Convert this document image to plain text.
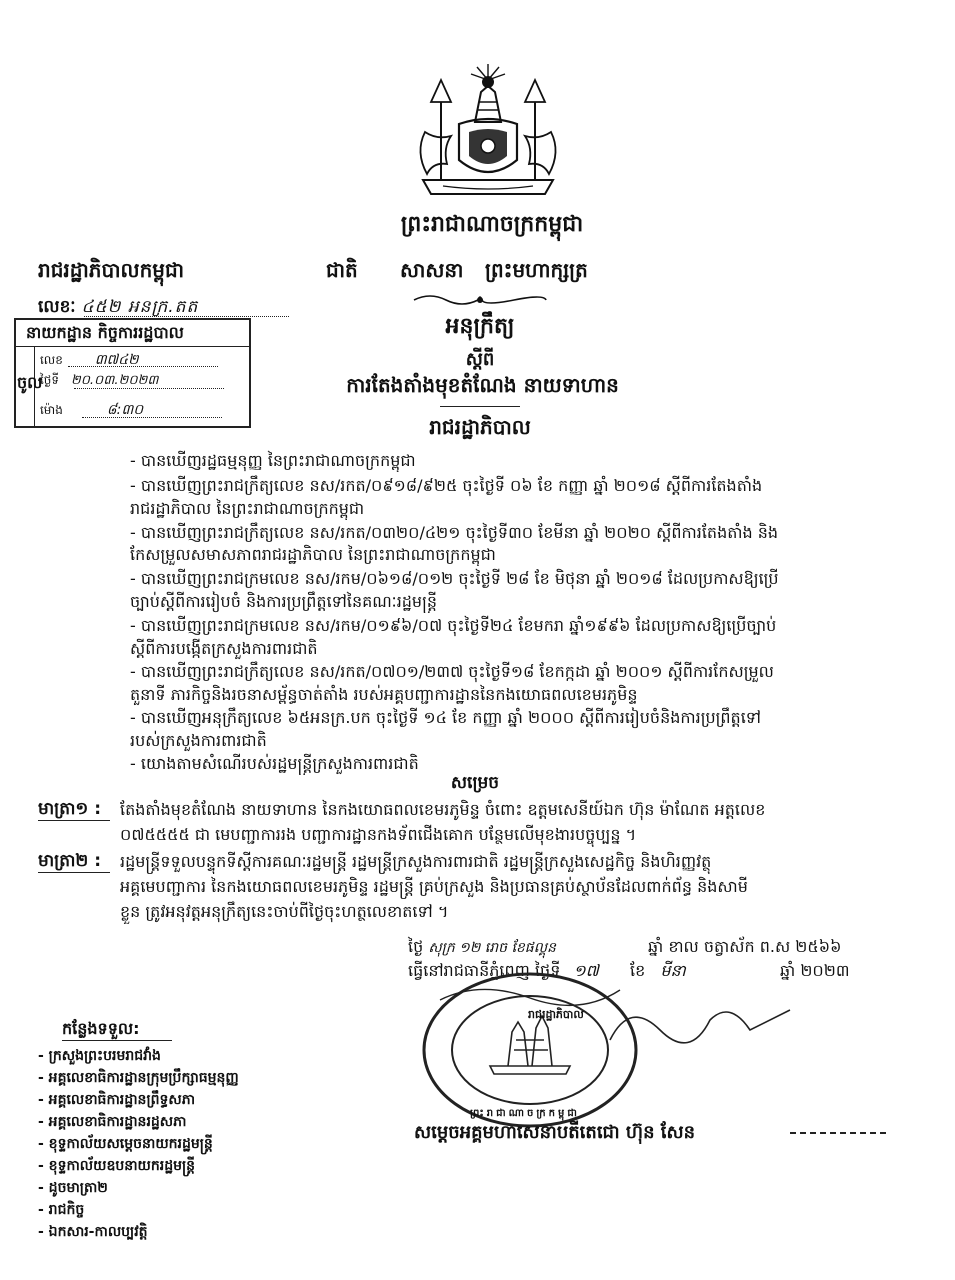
ព្រះរាជាណាចក្រកម្ពុជា
រាជរដ្ឋាភិបាលកម្ពុជា	ជាតិ សាសនា ព្រះមហាក្សត្រ
លេខៈ ៤៥២ អនក្រ.តត
នាយកដ្ឋាន កិច្ចការរដ្ឋបាល
ចូល
លេខ ៣៧៤២
ថ្ងៃទី ២០.០៣.២០២៣
ម៉ោង	៨:៣០
អនុក្រឹត្យ
ស្តីពី
ការតែងតាំងមុខតំណែង នាយទាហាន
រាជរដ្ឋាភិបាល
- បានឃើញរដ្ឋធម្មនុញ្ញ នៃព្រះរាជាណាចក្រកម្ពុជា
- បានឃើញព្រះរាជក្រឹត្យលេខ នស/រកត/០៩១៨/៩២៥ ចុះថ្ងៃទី ០៦ ខែ កញ្ញា ឆ្នាំ ២០១៨ ស្តីពីការតែងតាំង
រាជរដ្ឋាភិបាល នៃព្រះរាជាណាចក្រកម្ពុជា
- បានឃើញព្រះរាជក្រឹត្យលេខ នស/រកត/០៣២០/៤២១ ចុះថ្ងៃទី៣០ ខែមីនា ឆ្នាំ ២០២០ ស្តីពីការតែងតាំង និង
កែសម្រួលសមាសភាពរាជរដ្ឋាភិបាល នៃព្រះរាជាណាចក្រកម្ពុជា
- បានឃើញព្រះរាជក្រមលេខ នស/រកម/០៦១៨/០១២ ចុះថ្ងៃទី ២៨ ខែ មិថុនា ឆ្នាំ ២០១៨ ដែលប្រកាសឱ្យប្រើ
ច្បាប់ស្តីពីការរៀបចំ និងការប្រព្រឹត្តទៅនៃគណៈរដ្ឋមន្ត្រី
- បានឃើញព្រះរាជក្រមលេខ នស/រកម/០១៩៦/០៧ ចុះថ្ងៃទី២៤ ខែមករា ឆ្នាំ១៩៩៦ ដែលប្រកាសឱ្យប្រើច្បាប់
ស្តីពីការបង្កើតក្រសួងការពារជាតិ
- បានឃើញព្រះរាជក្រឹត្យលេខ នស/រកត/០៧០១/២៣៧ ចុះថ្ងៃទី១៨ ខែកក្កដា ឆ្នាំ ២០០១ ស្តីពីការកែសម្រួល
តួនាទី ភារកិច្ចនិងរចនាសម្ព័ន្ធចាត់តាំង របស់អគ្គបញ្ជាការដ្ឋាននៃកងយោធពលខេមរភូមិន្ទ
- បានឃើញអនុក្រឹត្យលេខ ៦៥អនក្រ.បក ចុះថ្ងៃទី ១៤ ខែ កញ្ញា ឆ្នាំ ២០០០ ស្តីពីការរៀបចំនិងការប្រព្រឹត្តទៅ
របស់ក្រសួងការពារជាតិ
- យោងតាមសំណើរបស់រដ្ឋមន្ត្រីក្រសួងការពារជាតិ
សម្រេច
មាត្រា១ : តែងតាំងមុខតំណែង នាយទាហាន នៃកងយោធពលខេមរភូមិន្ទ ចំពោះ ឧត្តមសេនីយ៍ឯក ហ៊ុន ម៉ាណែត អត្តលេខ
០៧៥៥៥៥ ជា មេបញ្ជាការរង បញ្ជាការដ្ឋានកងទ័ពជើងគោក បន្ថែមលើមុខងារបច្ចុប្បន្ន ។
មាត្រា២ : រដ្ឋមន្ត្រីទទួលបន្ទុកទីស្តីការគណៈរដ្ឋមន្ត្រី រដ្ឋមន្ត្រីក្រសួងការពារជាតិ រដ្ឋមន្ត្រីក្រសួងសេដ្ឋកិច្ច និងហិរញ្ញវត្ថុ
អគ្គមេបញ្ជាការ នៃកងយោធពលខេមរភូមិន្ទ រដ្ឋមន្ត្រី គ្រប់ក្រសួង និងប្រធានគ្រប់ស្ថាប័នដែលពាក់ព័ន្ធ និងសាមី
ខ្លួន ត្រូវអនុវត្តអនុក្រឹត្យនេះចាប់ពីថ្ងៃចុះហត្ថលេខាតទៅ ។
ថ្ងៃ សុក្រ ១២ រោច ខែផល្គុន	ឆ្នាំ ខាល ចត្វាស័ក ព.ស ២៥៦៦
ធ្វើនៅរាជធានីភ្នំពេញ ថ្ងៃទី ១៧ ខែ មីនា	ឆ្នាំ ២០២៣
រាជរដ្ឋាភិបាល
ព្រះរាជាណាចក្រកម្ពុជា
សម្តេចអគ្គមហាសេនាបតីតេជោ ហ៊ុន សែន
កន្លែងទទួល:
- ក្រសួងព្រះបរមរាជវាំង
- អគ្គលេខាធិការដ្ឋានក្រុមប្រឹក្សាធម្មនុញ្ញ
- អគ្គលេខាធិការដ្ឋានព្រឹទ្ធសភា
- អគ្គលេខាធិការដ្ឋានរដ្ឋសភា
- ខុទ្ទកាល័យសម្តេចនាយករដ្ឋមន្ត្រី
- ខុទ្ទកាល័យឧបនាយករដ្ឋមន្ត្រី
- ដូចមាត្រា២
- រាជកិច្ច
- ឯកសារ-កាលប្បវត្តិ
